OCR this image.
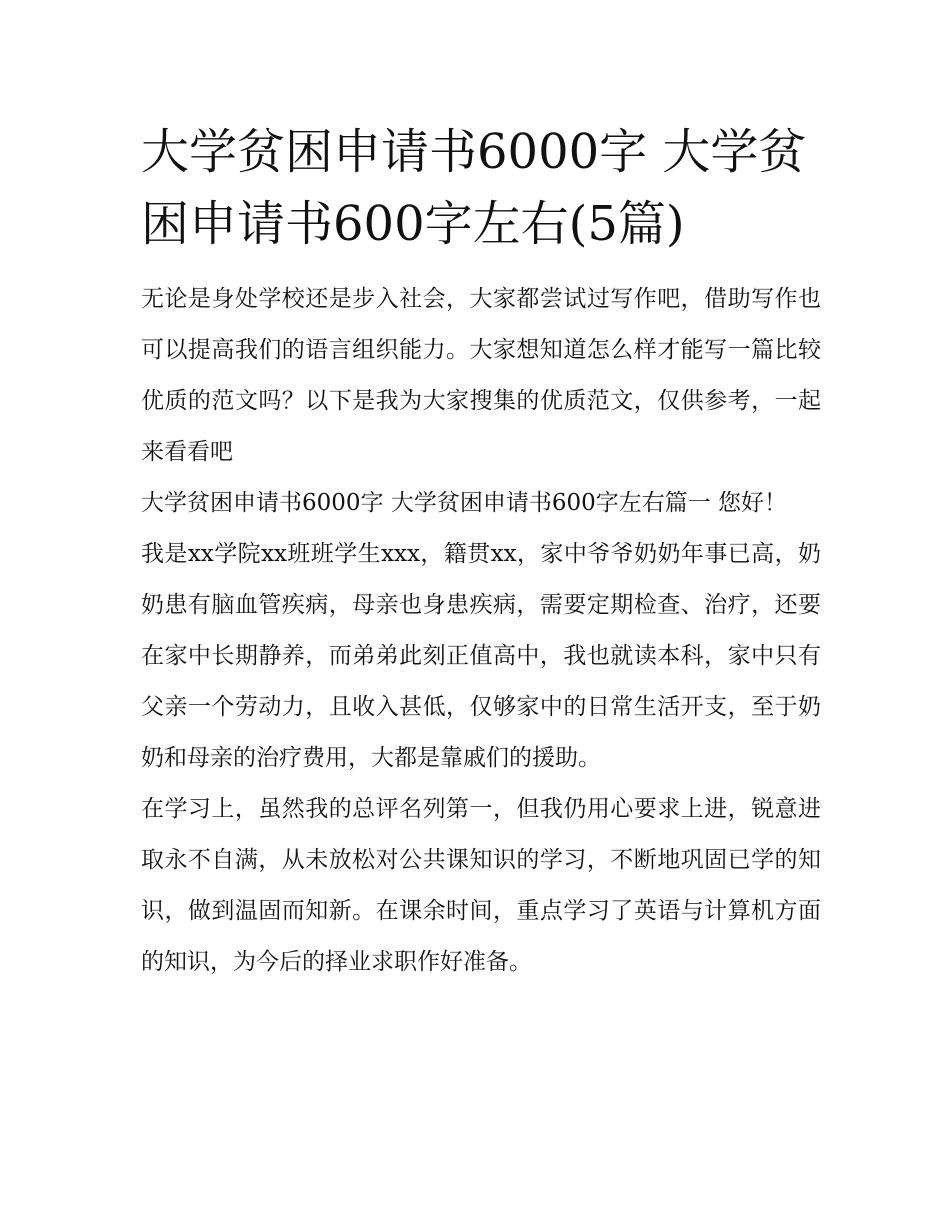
大学贫困申请书6000字 大学贫困申请书600字左右(5篇)

无论是身处学校还是步入社会，大家都尝试过写作吧，借助写作也可以提高我们的语言组织能力。大家想知道怎么样才能写一篇比较优质的范文吗？以下是我为大家搜集的优质范文，仅供参考，一起来看看吧

大学贫困申请书6000字 大学贫困申请书600字左右篇一 您好！

我是xx学院xx班班学生xxx，籍贯xx，家中爷爷奶奶年事已高，奶奶患有脑血管疾病，母亲也身患疾病，需要定期检查、治疗，还要在家中长期静养，而弟弟此刻正值高中，我也就读本科，家中只有父亲一个劳动力，且收入甚低，仅够家中的日常生活开支，至于奶奶和母亲的治疗费用，大都是靠戚们的援助。

在学习上，虽然我的总评名列第一，但我仍用心要求上进，锐意进取永不自满，从未放松对公共课知识的学习，不断地巩固已学的知识，做到温固而知新。在课余时间，重点学习了英语与计算机方面的知识，为今后的择业求职作好准备。
